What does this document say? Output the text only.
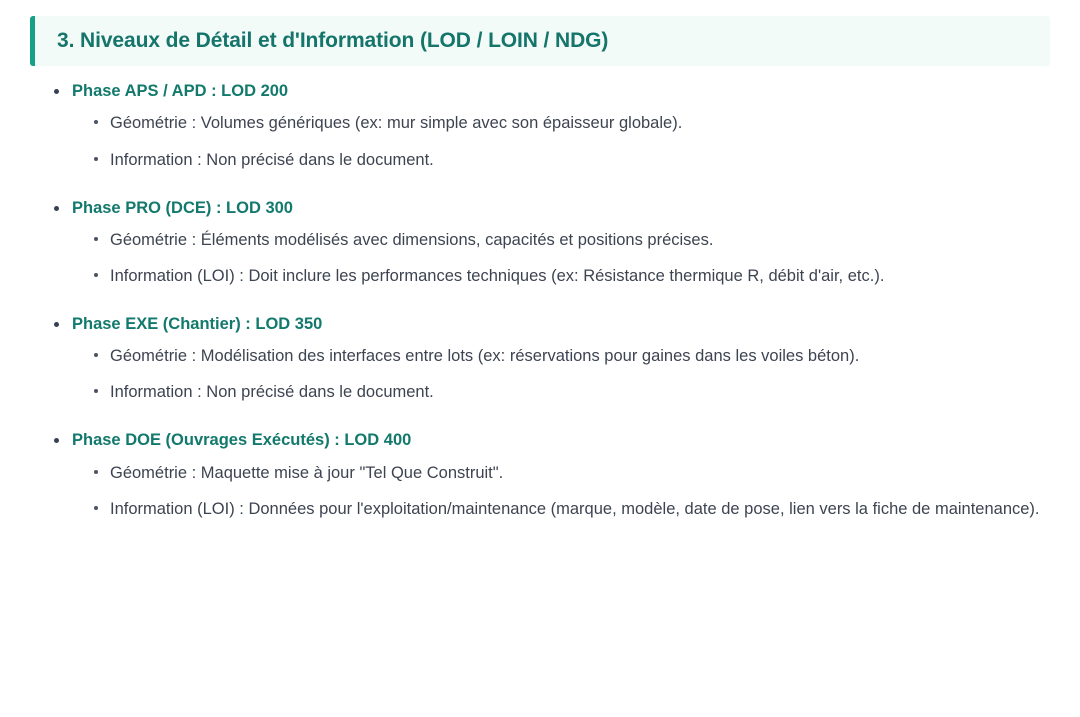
3. Niveaux de Détail et d'Information (LOD / LOIN / NDG)
Phase APS / APD : LOD 200
Géométrie : Volumes génériques (ex: mur simple avec son épaisseur globale).
Information : Non précisé dans le document.
Phase PRO (DCE) : LOD 300
Géométrie : Éléments modélisés avec dimensions, capacités et positions précises.
Information (LOI) : Doit inclure les performances techniques (ex: Résistance thermique R, débit d'air, etc.).
Phase EXE (Chantier) : LOD 350
Géométrie : Modélisation des interfaces entre lots (ex: réservations pour gaines dans les voiles béton).
Information : Non précisé dans le document.
Phase DOE (Ouvrages Exécutés) : LOD 400
Géométrie : Maquette mise à jour "Tel Que Construit".
Information (LOI) : Données pour l'exploitation/maintenance (marque, modèle, date de pose, lien vers la fiche de maintenance).
